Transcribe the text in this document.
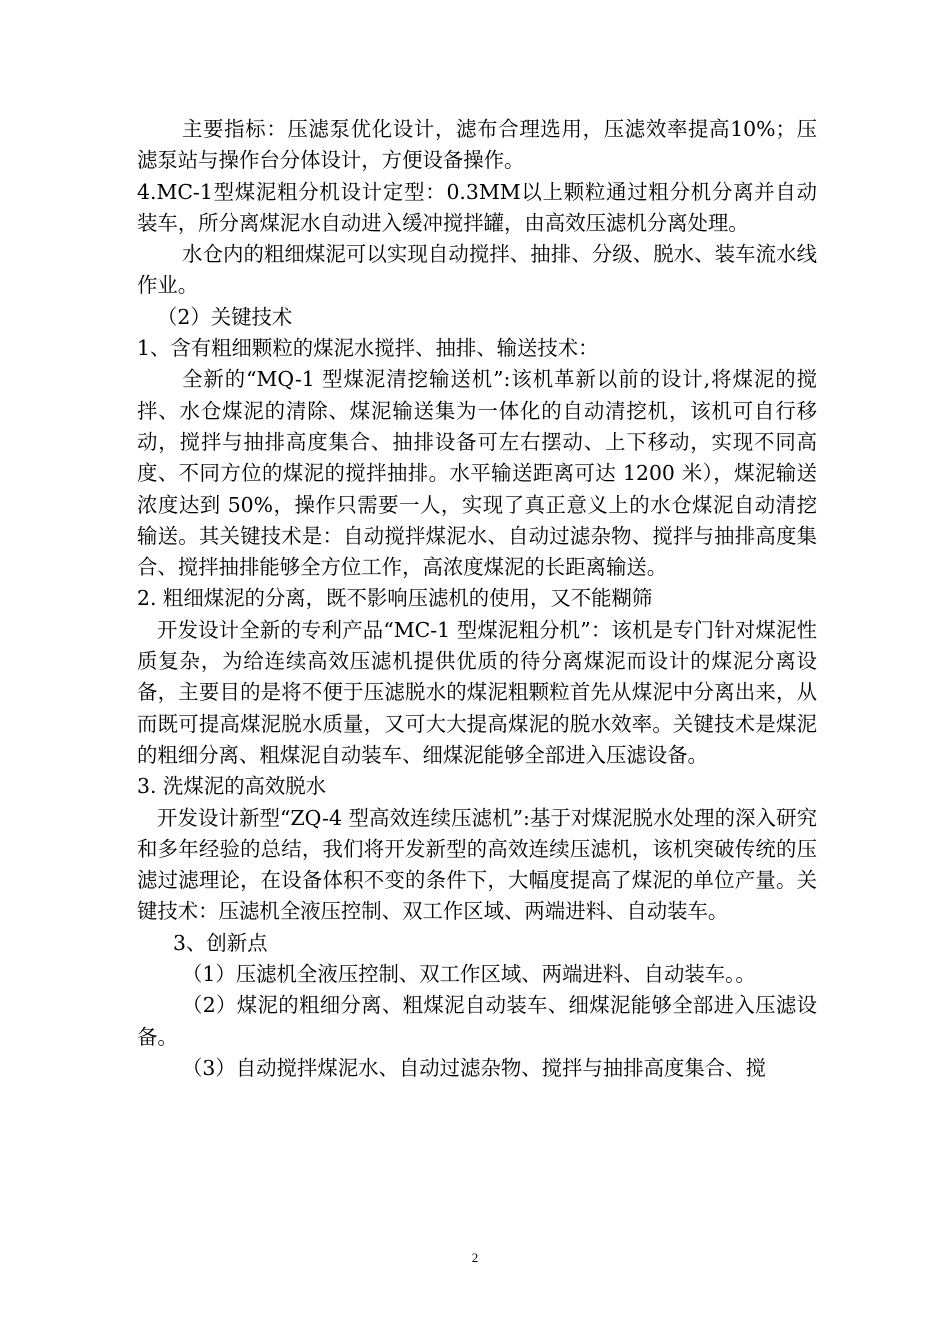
主要指标：压滤泵优化设计，滤布合理选用，压滤效率提高10%；压滤泵站与操作台分体设计，方便设备操作。

4.MC-1型煤泥粗分机设计定型：0.3MM以上颗粒通过粗分机分离并自动装车，所分离煤泥水自动进入缓冲搅拌罐，由高效压滤机分离处理。

水仓内的粗细煤泥可以实现自动搅拌、抽排、分级、脱水、装车流水线作业。

（2）关键技术

1、含有粗细颗粒的煤泥水搅拌、抽排、输送技术：

全新的“MQ-1 型煤泥清挖输送机”:该机革新以前的设计,将煤泥的搅拌、水仓煤泥的清除、煤泥输送集为一体化的自动清挖机，该机可自行移动，搅拌与抽排高度集合、抽排设备可左右摆动、上下移动，实现不同高度、不同方位的煤泥的搅拌抽排。水平输送距离可达 1200 米），煤泥输送浓度达到 50%，操作只需要一人，实现了真正意义上的水仓煤泥自动清挖输送。其关键技术是：自动搅拌煤泥水、自动过滤杂物、搅拌与抽排高度集合、搅拌抽排能够全方位工作，高浓度煤泥的长距离输送。

2. 粗细煤泥的分离，既不影响压滤机的使用，又不能糊筛

开发设计全新的专利产品“MC-1 型煤泥粗分机”：该机是专门针对煤泥性质复杂，为给连续高效压滤机提供优质的待分离煤泥而设计的煤泥分离设备，主要目的是将不便于压滤脱水的煤泥粗颗粒首先从煤泥中分离出来，从而既可提高煤泥脱水质量，又可大大提高煤泥的脱水效率。关键技术是煤泥的粗细分离、粗煤泥自动装车、细煤泥能够全部进入压滤设备。

3. 洗煤泥的高效脱水

开发设计新型“ZQ-4 型高效连续压滤机”:基于对煤泥脱水处理的深入研究和多年经验的总结，我们将开发新型的高效连续压滤机，该机突破传统的压滤过滤理论，在设备体积不变的条件下，大幅度提高了煤泥的单位产量。关键技术：压滤机全液压控制、双工作区域、两端进料、自动装车。

3、创新点

（1）压滤机全液压控制、双工作区域、两端进料、自动装车。。

（2）煤泥的粗细分离、粗煤泥自动装车、细煤泥能够全部进入压滤设备。

（3）自动搅拌煤泥水、自动过滤杂物、搅拌与抽排高度集合、搅

2
